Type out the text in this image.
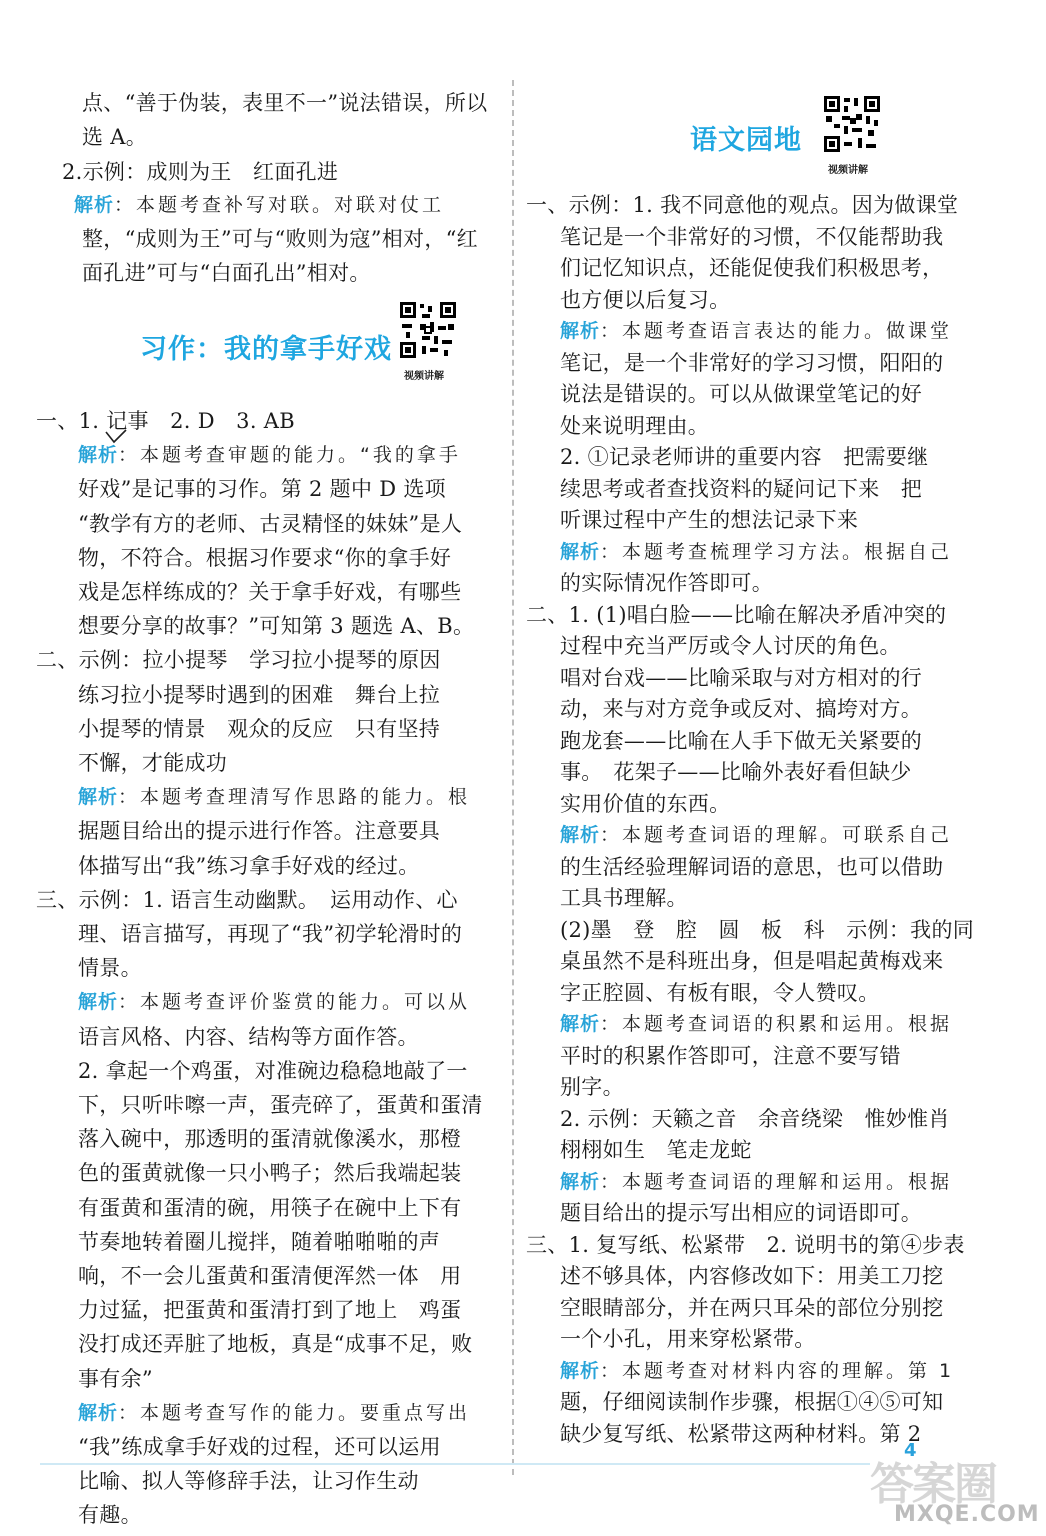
点、“善于伪装，表里不一”说法错误，所以
选 A。
2.示例：成则为王　红面孔进
解析：本题考查补写对联。对联对仗工
整，“成则为王”可与“败则为寇”相对，“红
面孔进”可与“白面孔出”相对。
一、1. 记事　2. D　3. AB
解析：本题考查审题的能力。“我的拿手
好戏”是记事的习作。第 2 题中 D 选项
“教学有方的老师、古灵精怪的妹妹”是人
物，不符合。根据习作要求“你的拿手好
戏是怎样练成的？关于拿手好戏，有哪些
想要分享的故事？”可知第 3 题选 A、B。
二、示例：拉小提琴　学习拉小提琴的原因
练习拉小提琴时遇到的困难　舞台上拉
小提琴的情景　观众的反应　只有坚持
不懈，才能成功
解析：本题考查理清写作思路的能力。根
据题目给出的提示进行作答。注意要具
体描写出“我”练习拿手好戏的经过。
三、示例：1. 语言生动幽默。　运用动作、心
理、语言描写，再现了“我”初学轮滑时的
情景。
解析：本题考查评价鉴赏的能力。可以从
语言风格、内容、结构等方面作答。
2. 拿起一个鸡蛋，对准碗边稳稳地敲了一
下，只听咔嚓一声，蛋壳碎了，蛋黄和蛋清
落入碗中，那透明的蛋清就像溪水，那橙
色的蛋黄就像一只小鸭子；然后我端起装
有蛋黄和蛋清的碗，用筷子在碗中上下有
节奏地转着圈儿搅拌，随着啪啪啪的声
响，不一会儿蛋黄和蛋清便浑然一体　用
力过猛，把蛋黄和蛋清打到了地上　鸡蛋
没打成还弄脏了地板，真是“成事不足，败
事有余”
解析：本题考查写作的能力。要重点写出
“我”练成拿手好戏的过程，还可以运用
比喻、拟人等修辞手法，让习作生动
有趣。
一、示例：1. 我不同意他的观点。因为做课堂
笔记是一个非常好的习惯，不仅能帮助我
们记忆知识点，还能促使我们积极思考，
也方便以后复习。
解析：本题考查语言表达的能力。做课堂
笔记，是一个非常好的学习习惯，阳阳的
说法是错误的。可以从做课堂笔记的好
处来说明理由。
2. ①记录老师讲的重要内容　把需要继
续思考或者查找资料的疑问记下来　把
听课过程中产生的想法记录下来
解析：本题考查梳理学习方法。根据自己
的实际情况作答即可。
二、1. (1)唱白脸——比喻在解决矛盾冲突的
过程中充当严厉或令人讨厌的角色。
唱对台戏——比喻采取与对方相对的行
动，来与对方竞争或反对、搞垮对方。
跑龙套——比喻在人手下做无关紧要的
事。　花架子——比喻外表好看但缺少
实用价值的东西。
解析：本题考查词语的理解。可联系自己
的生活经验理解词语的意思，也可以借助
工具书理解。
(2)墨　登　腔　圆　板　科　示例：我的同
桌虽然不是科班出身，但是唱起黄梅戏来
字正腔圆、有板有眼，令人赞叹。
解析：本题考查词语的积累和运用。根据
平时的积累作答即可，注意不要写错
别字。
2. 示例：天籁之音　余音绕梁　惟妙惟肖
栩栩如生　笔走龙蛇
解析：本题考查词语的理解和运用。根据
题目给出的提示写出相应的词语即可。
三、1. 复写纸、松紧带　2. 说明书的第④步表
述不够具体，内容修改如下：用美工刀挖
空眼睛部分，并在两只耳朵的部位分别挖
一个小孔，用来穿松紧带。
解析：本题考查对材料内容的理解。第 1
题，仔细阅读制作步骤，根据①④⑤可知
缺少复写纸、松紧带这两种材料。第 2
习作：我的拿手好戏
视频讲解
语文园地
视频讲解
4
答案圈
MXQE.COM
